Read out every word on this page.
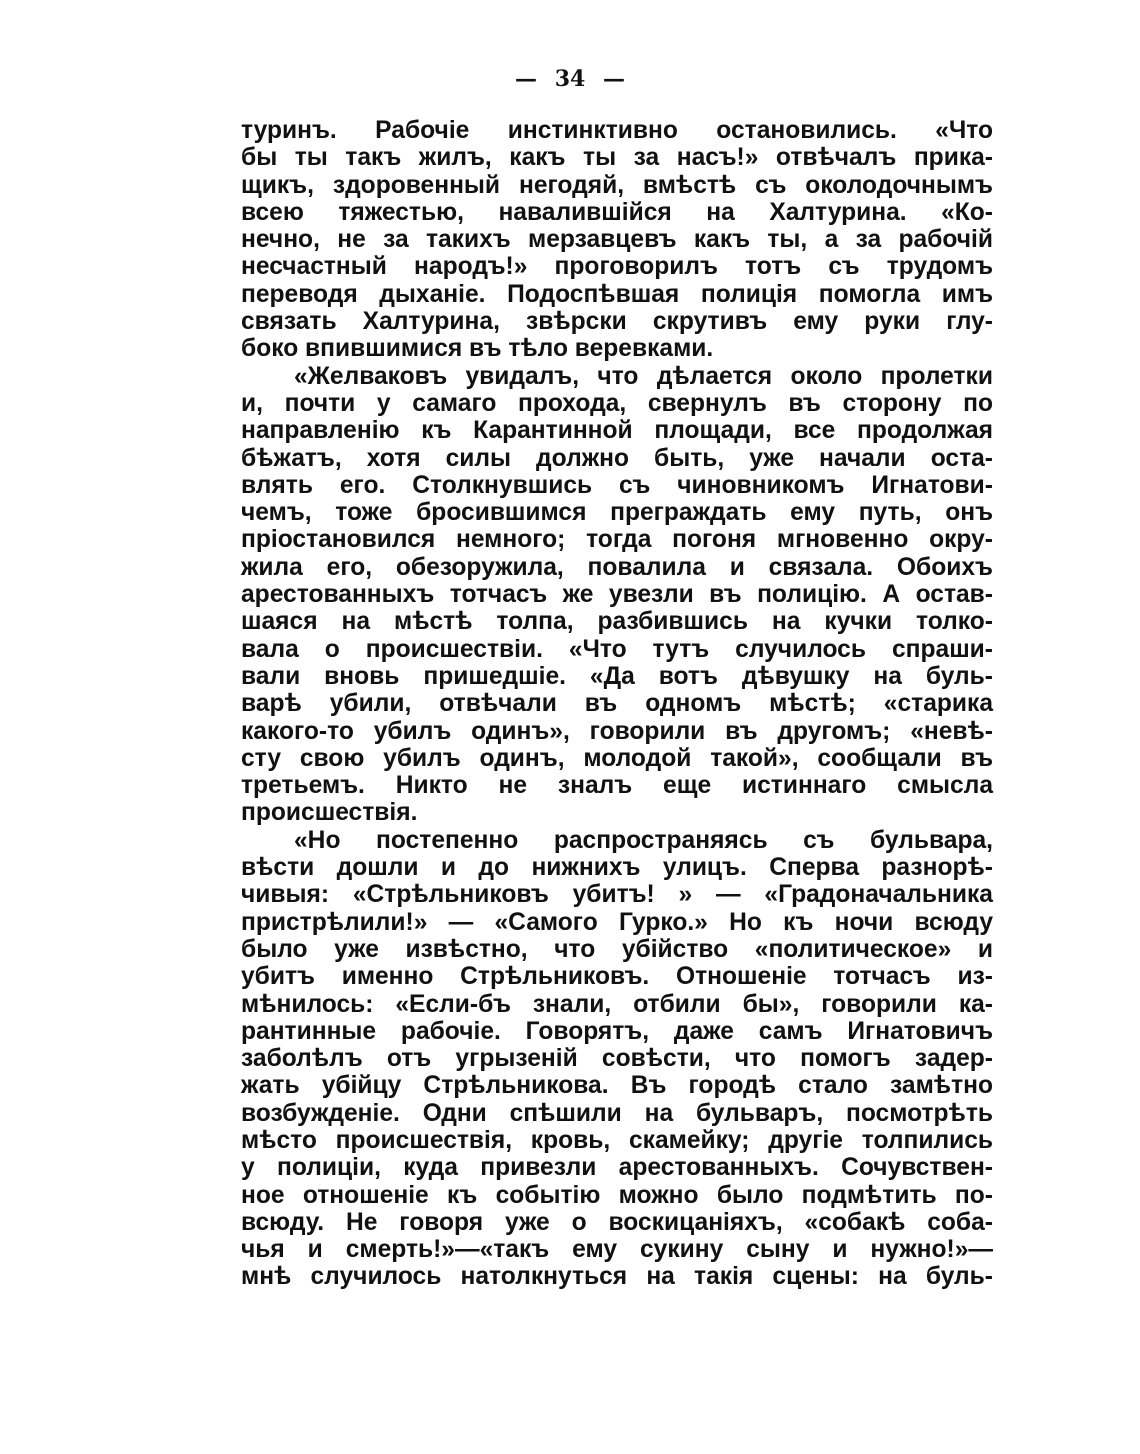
— 34 —
туринъ. Рабочіе инстинктивно остановились. «Что
бы ты такъ жилъ, какъ ты за насъ!» отвѣчалъ прика-
щикъ, здоровенный негодяй, вмѣстѣ съ околодочнымъ
всею тяжестью, навалившійся на Халтурина. «Ко-
нечно, не за такихъ мерзавцевъ какъ ты, а за рабочій
несчастный народъ!» проговорилъ тотъ съ трудомъ
переводя дыханіе. Подоспѣвшая полиція помогла имъ
связать Халтурина, звѣрски скрутивъ ему руки глу-
боко впившимися въ тѣло веревками.
«Желваковъ увидалъ, что дѣлается около пролетки
и, почти у самаго прохода, свернулъ въ сторону по
направленію къ Карантинной площади, все продолжая
бѣжатъ, хотя силы должно быть, уже начали оста-
влять его. Столкнувшись съ чиновникомъ Игнатови-
чемъ, тоже бросившимся преграждать ему путь, онъ
пріостановился немного; тогда погоня мгновенно окру-
жила его, обезоружила, повалила и связала. Обоихъ
арестованныхъ тотчасъ же увезли въ полицію. А остав-
шаяся на мѣстѣ толпа, разбившись на кучки толко-
вала о происшествіи. «Что тутъ случилось спраши-
вали вновь пришедшіе. «Да вотъ дѣвушку на буль-
варѣ убили, отвѣчали въ одномъ мѣстѣ; «старика
какого-то убилъ одинъ», говорили въ другомъ; «невѣ-
сту свою убилъ одинъ, молодой такой», сообщали въ
третьемъ. Никто не зналъ еще истиннаго смысла
происшествія.
«Но постепенно распространяясь съ бульвара,
вѣсти дошли и до нижнихъ улицъ. Сперва разнорѣ-
чивыя: «Стрѣльниковъ убитъ! » — «Градоначальника
пристрѣлили!» — «Самого Гурко.» Но къ ночи всюду
было уже извѣстно, что убійство «политическое» и
убитъ именно Стрѣльниковъ. Отношеніе тотчасъ из-
мѣнилось: «Если-бъ знали, отбили бы», говорили ка-
рантинные рабочіе. Говорятъ, даже самъ Игнатовичъ
заболѣлъ отъ угрызеній совѣсти, что помогъ задер-
жать убійцу Стрѣльникова. Въ городѣ стало замѣтно
возбужденіе. Одни спѣшили на бульваръ, посмотрѣть
мѣсто происшествія, кровь, скамейку; другіе толпились
у полиціи, куда привезли арестованныхъ. Сочувствен-
ное отношеніе къ событію можно было подмѣтить по-
всюду. Не говоря уже о воскицаніяхъ, «собакѣ соба-
чья и смерть!»—«такъ ему сукину сыну и нужно!»—
мнѣ случилось натолкнуться на такія сцены: на буль-
